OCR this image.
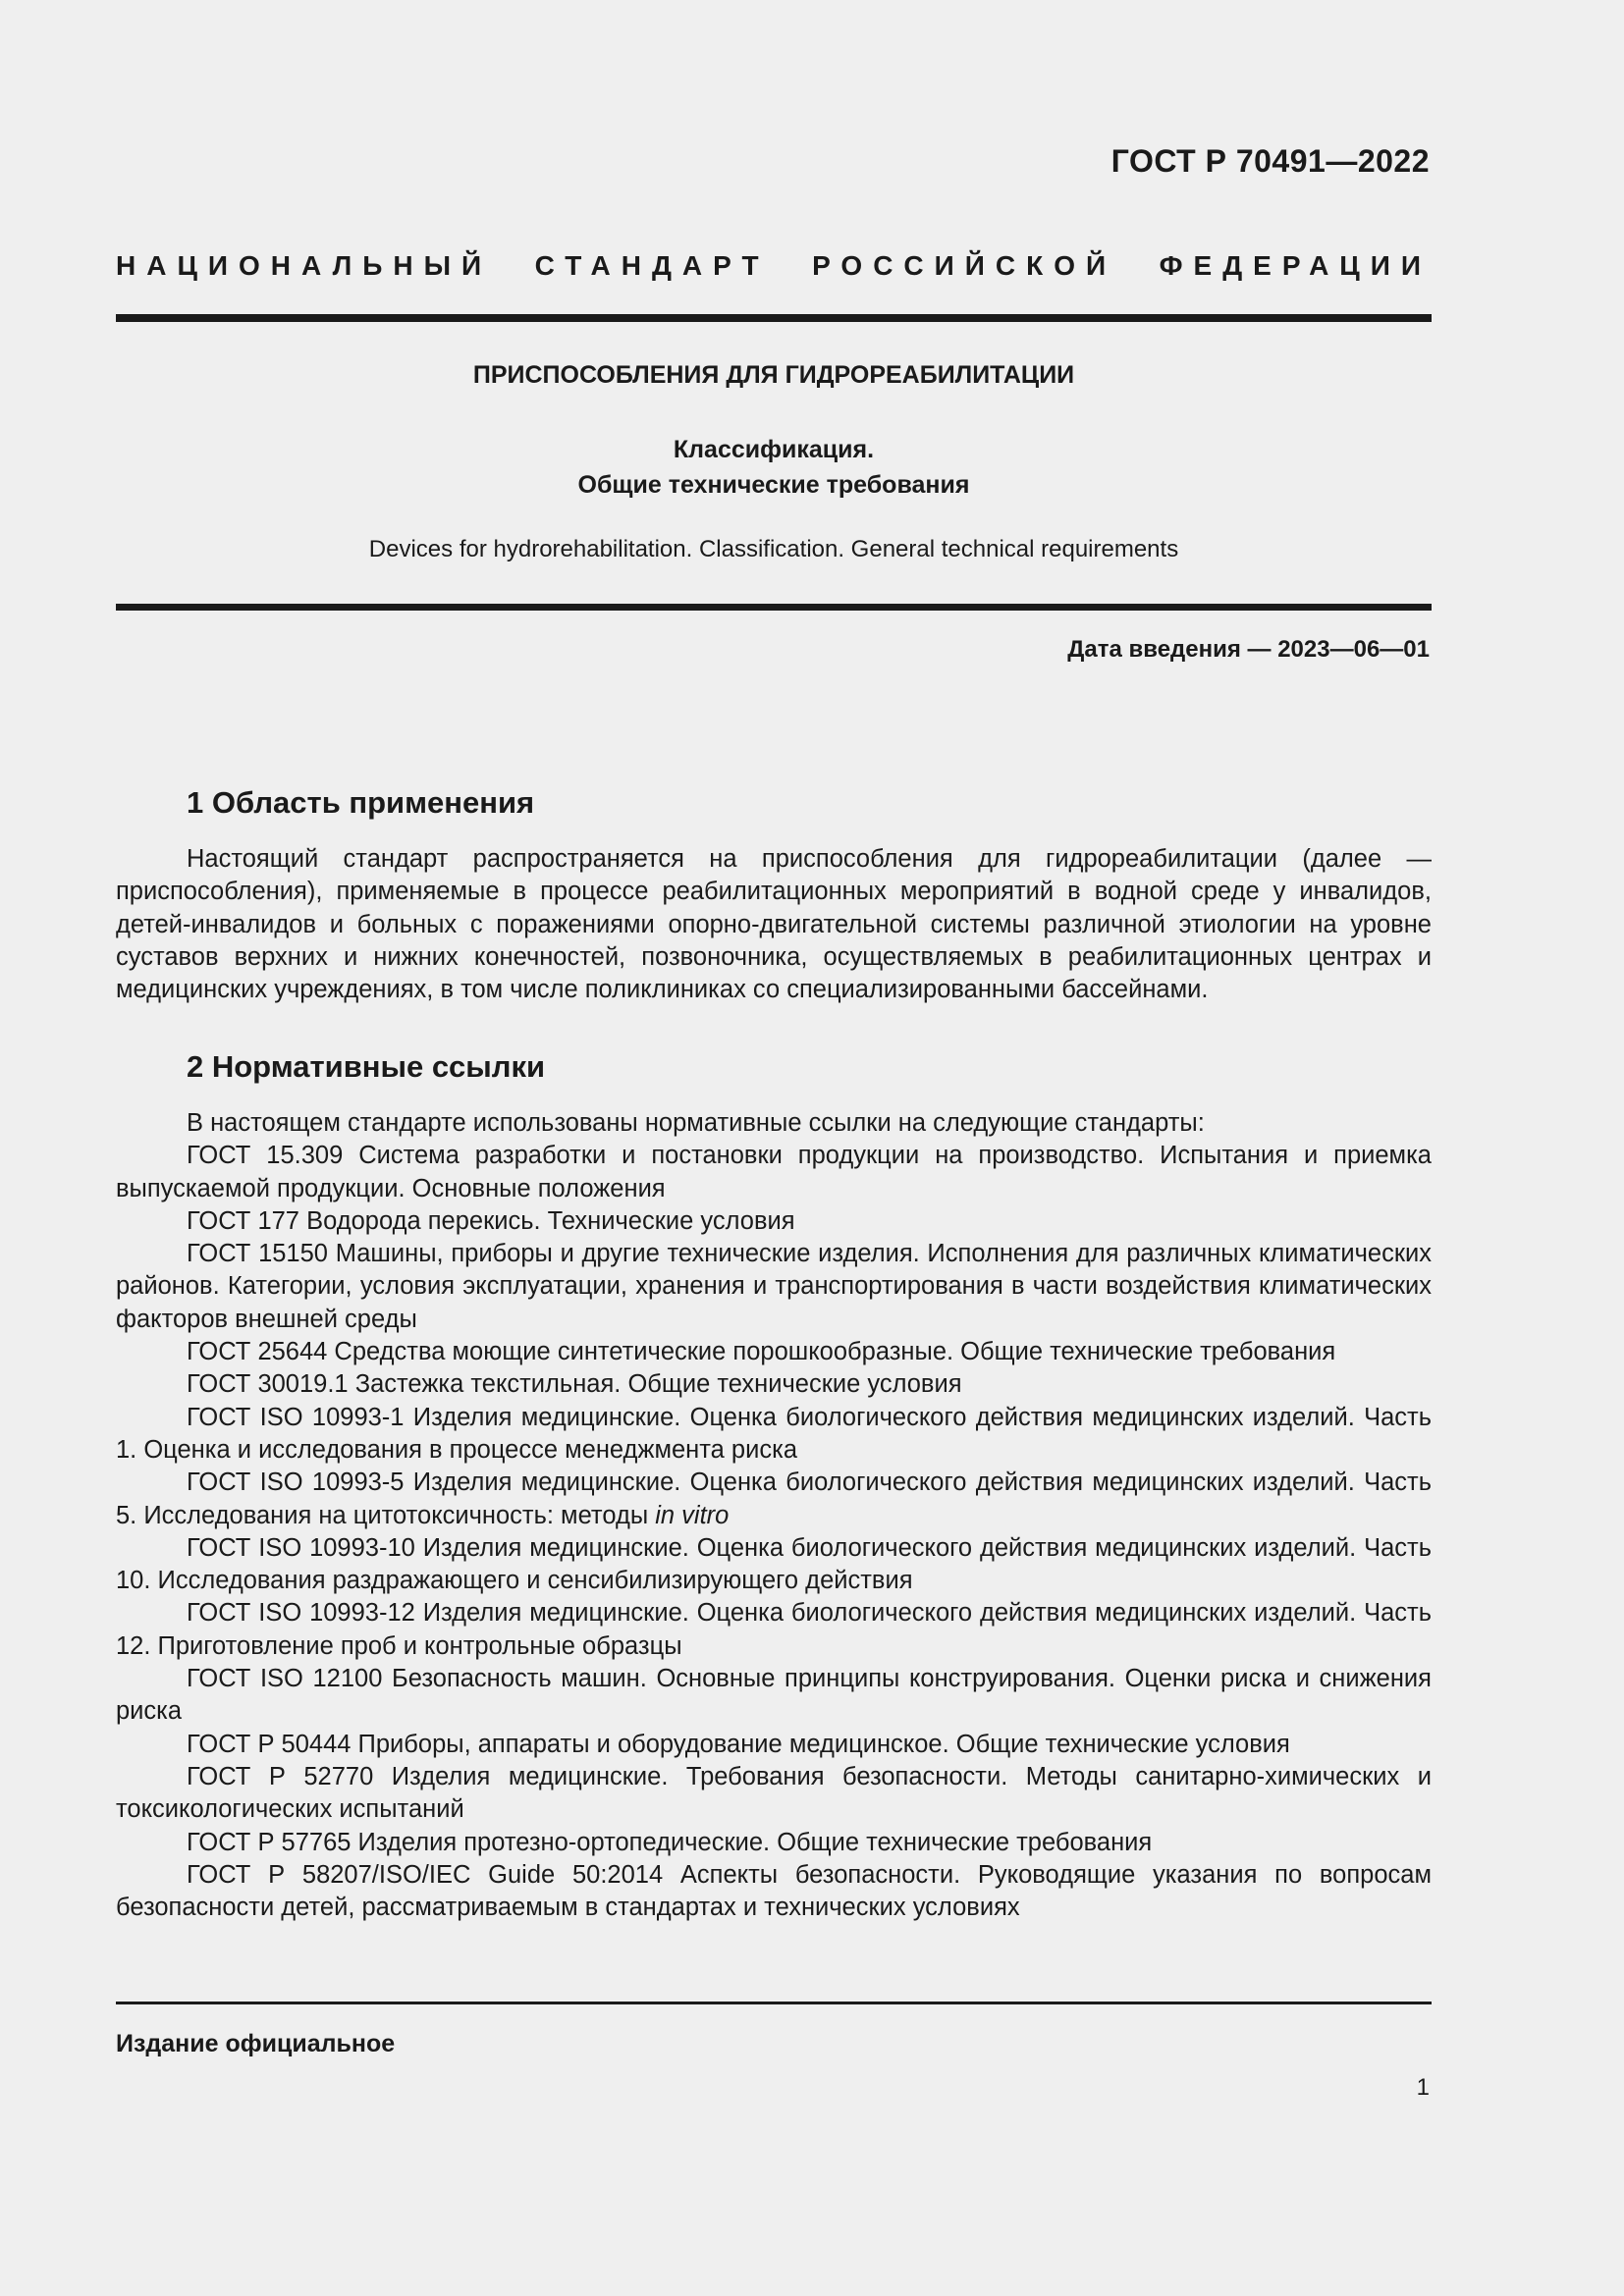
ГОСТ Р 70491—2022
НАЦИОНАЛЬНЫЙ СТАНДАРТ РОССИЙСКОЙ ФЕДЕРАЦИИ
ПРИСПОСОБЛЕНИЯ ДЛЯ ГИДРОРЕАБИЛИТАЦИИ
Классификация.
Общие технические требования
Devices for hydrorehabilitation. Classification. General technical requirements
Дата введения — 2023—06—01
1 Область применения

Настоящий стандарт распространяется на приспособления для гидрореабилитации (далее — приспособления), применяемые в процессе реабилитационных мероприятий в водной среде у инвалидов, детей-инвалидов и больных с поражениями опорно-двигательной системы различной этиологии на уровне суставов верхних и нижних конечностей, позвоночника, осуществляемых в реабилитационных центрах и медицинских учреждениях, в том числе поликлиниках со специализированными бассейнами.

2 Нормативные ссылки

В настоящем стандарте использованы нормативные ссылки на следующие стандарты:

ГОСТ 15.309 Система разработки и постановки продукции на производство. Испытания и приемка выпускаемой продукции. Основные положения

ГОСТ 177 Водорода перекись. Технические условия

ГОСТ 15150 Машины, приборы и другие технические изделия. Исполнения для различных климатических районов. Категории, условия эксплуатации, хранения и транспортирования в части воздействия климатических факторов внешней среды

ГОСТ 25644 Средства моющие синтетические порошкообразные. Общие технические требования

ГОСТ 30019.1 Застежка текстильная. Общие технические условия

ГОСТ ISO 10993-1 Изделия медицинские. Оценка биологического действия медицинских изделий. Часть 1. Оценка и исследования в процессе менеджмента риска

ГОСТ ISO 10993-5 Изделия медицинские. Оценка биологического действия медицинских изделий. Часть 5. Исследования на цитотоксичность: методы in vitro

ГОСТ ISO 10993-10 Изделия медицинские. Оценка биологического действия медицинских изделий. Часть 10. Исследования раздражающего и сенсибилизирующего действия

ГОСТ ISO 10993-12 Изделия медицинские. Оценка биологического действия медицинских изделий. Часть 12. Приготовление проб и контрольные образцы

ГОСТ ISO 12100 Безопасность машин. Основные принципы конструирования. Оценки риска и снижения риска

ГОСТ Р 50444 Приборы, аппараты и оборудование медицинское. Общие технические условия

ГОСТ Р 52770 Изделия медицинские. Требования безопасности. Методы санитарно-химических и токсикологических испытаний

ГОСТ Р 57765 Изделия протезно-ортопедические. Общие технические требования

ГОСТ Р 58207/ISO/IEC Guide 50:2014 Аспекты безопасности. Руководящие указания по вопросам безопасности детей, рассматриваемым в стандартах и технических условиях

Издание официальное
1
